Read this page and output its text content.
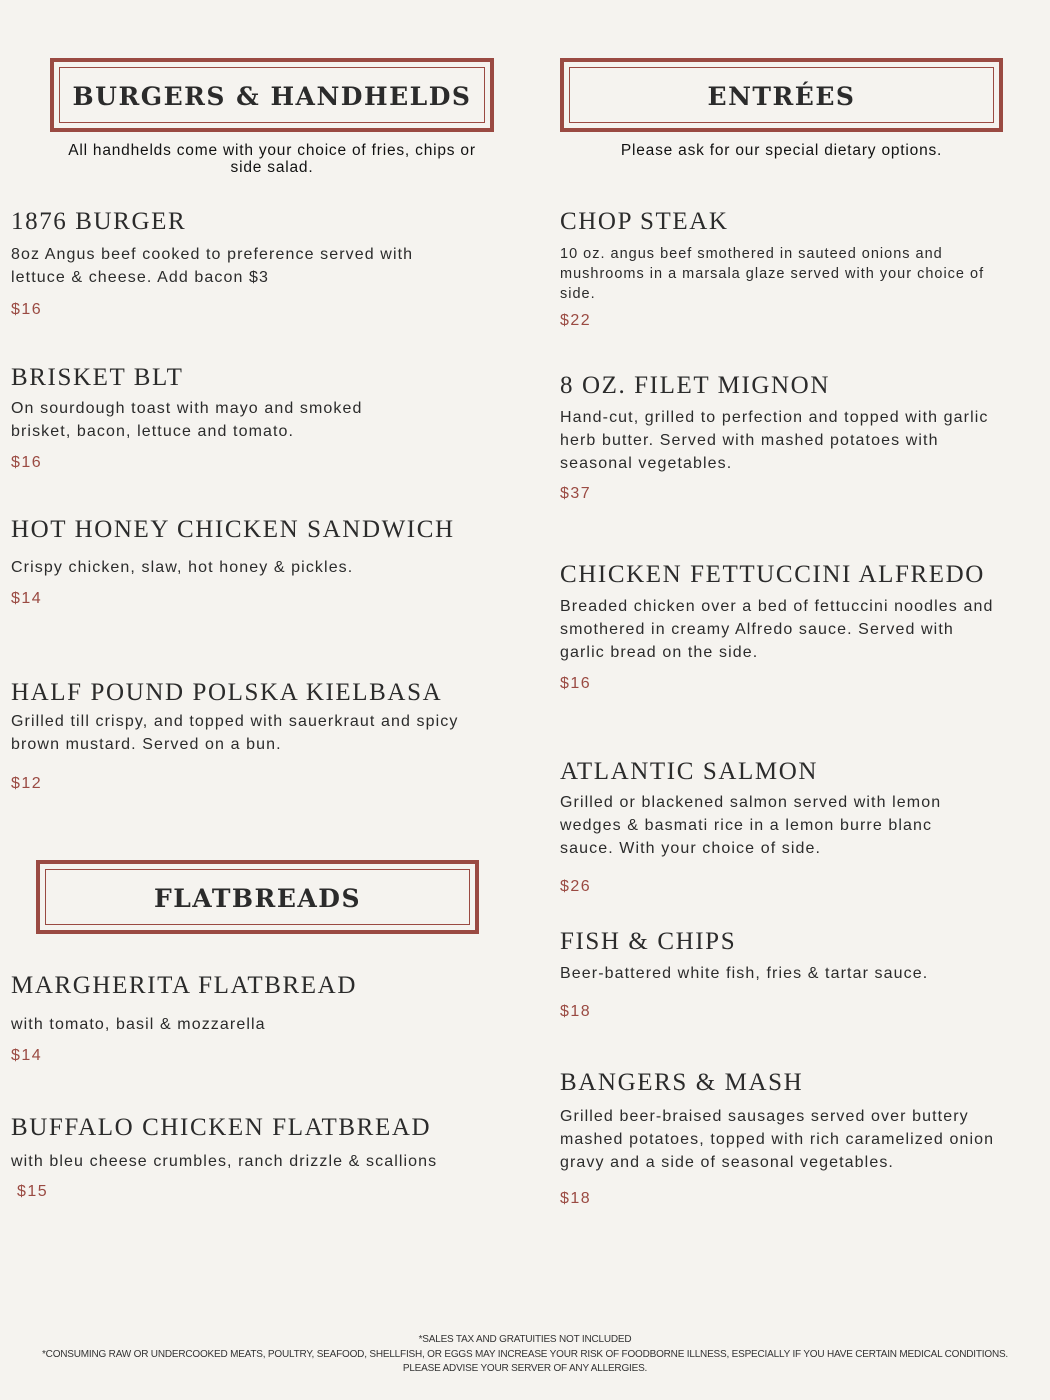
BURGERS & HANDHELDS
All handhelds come with your choice of fries, chips or side salad.
1876 BURGER
8oz Angus beef cooked to preference served with lettuce & cheese. Add bacon $3
$16
BRISKET BLT
On sourdough toast with mayo and smoked brisket, bacon, lettuce and tomato.
$16
HOT HONEY CHICKEN SANDWICH
Crispy chicken, slaw, hot honey & pickles.
$14
HALF POUND POLSKA KIELBASA
Grilled till crispy, and topped with sauerkraut and spicy brown mustard. Served on a bun.
$12
FLATBREADS
MARGHERITA FLATBREAD
with tomato, basil & mozzarella
$14
BUFFALO CHICKEN FLATBREAD
with bleu cheese crumbles, ranch drizzle & scallions
$15
ENTRÉES
Please ask for our special dietary options.
CHOP STEAK
10 oz. angus beef smothered in sauteed onions and mushrooms in a marsala glaze served with your choice of side.
$22
8 OZ. FILET MIGNON
Hand-cut, grilled to perfection and topped with garlic herb butter. Served with mashed potatoes with seasonal vegetables.
$37
CHICKEN FETTUCCINI ALFREDO
Breaded chicken over a bed of fettuccini noodles and smothered in creamy Alfredo sauce. Served with garlic bread on the side.
$16
ATLANTIC SALMON
Grilled or blackened salmon served with lemon wedges & basmati rice in a lemon burre blanc sauce. With your choice of side.
$26
FISH & CHIPS
Beer-battered white fish, fries & tartar sauce.
$18
BANGERS & MASH
Grilled beer-braised sausages served over buttery mashed potatoes, topped with rich caramelized onion gravy and a side of seasonal vegetables.
$18
*SALES TAX AND GRATUITIES NOT INCLUDED
*CONSUMING RAW OR UNDERCOOKED MEATS, POULTRY, SEAFOOD, SHELLFISH, OR EGGS MAY INCREASE YOUR RISK OF FOODBORNE ILLNESS, ESPECIALLY IF YOU HAVE CERTAIN MEDICAL CONDITIONS.
PLEASE ADVISE YOUR SERVER OF ANY ALLERGIES.
